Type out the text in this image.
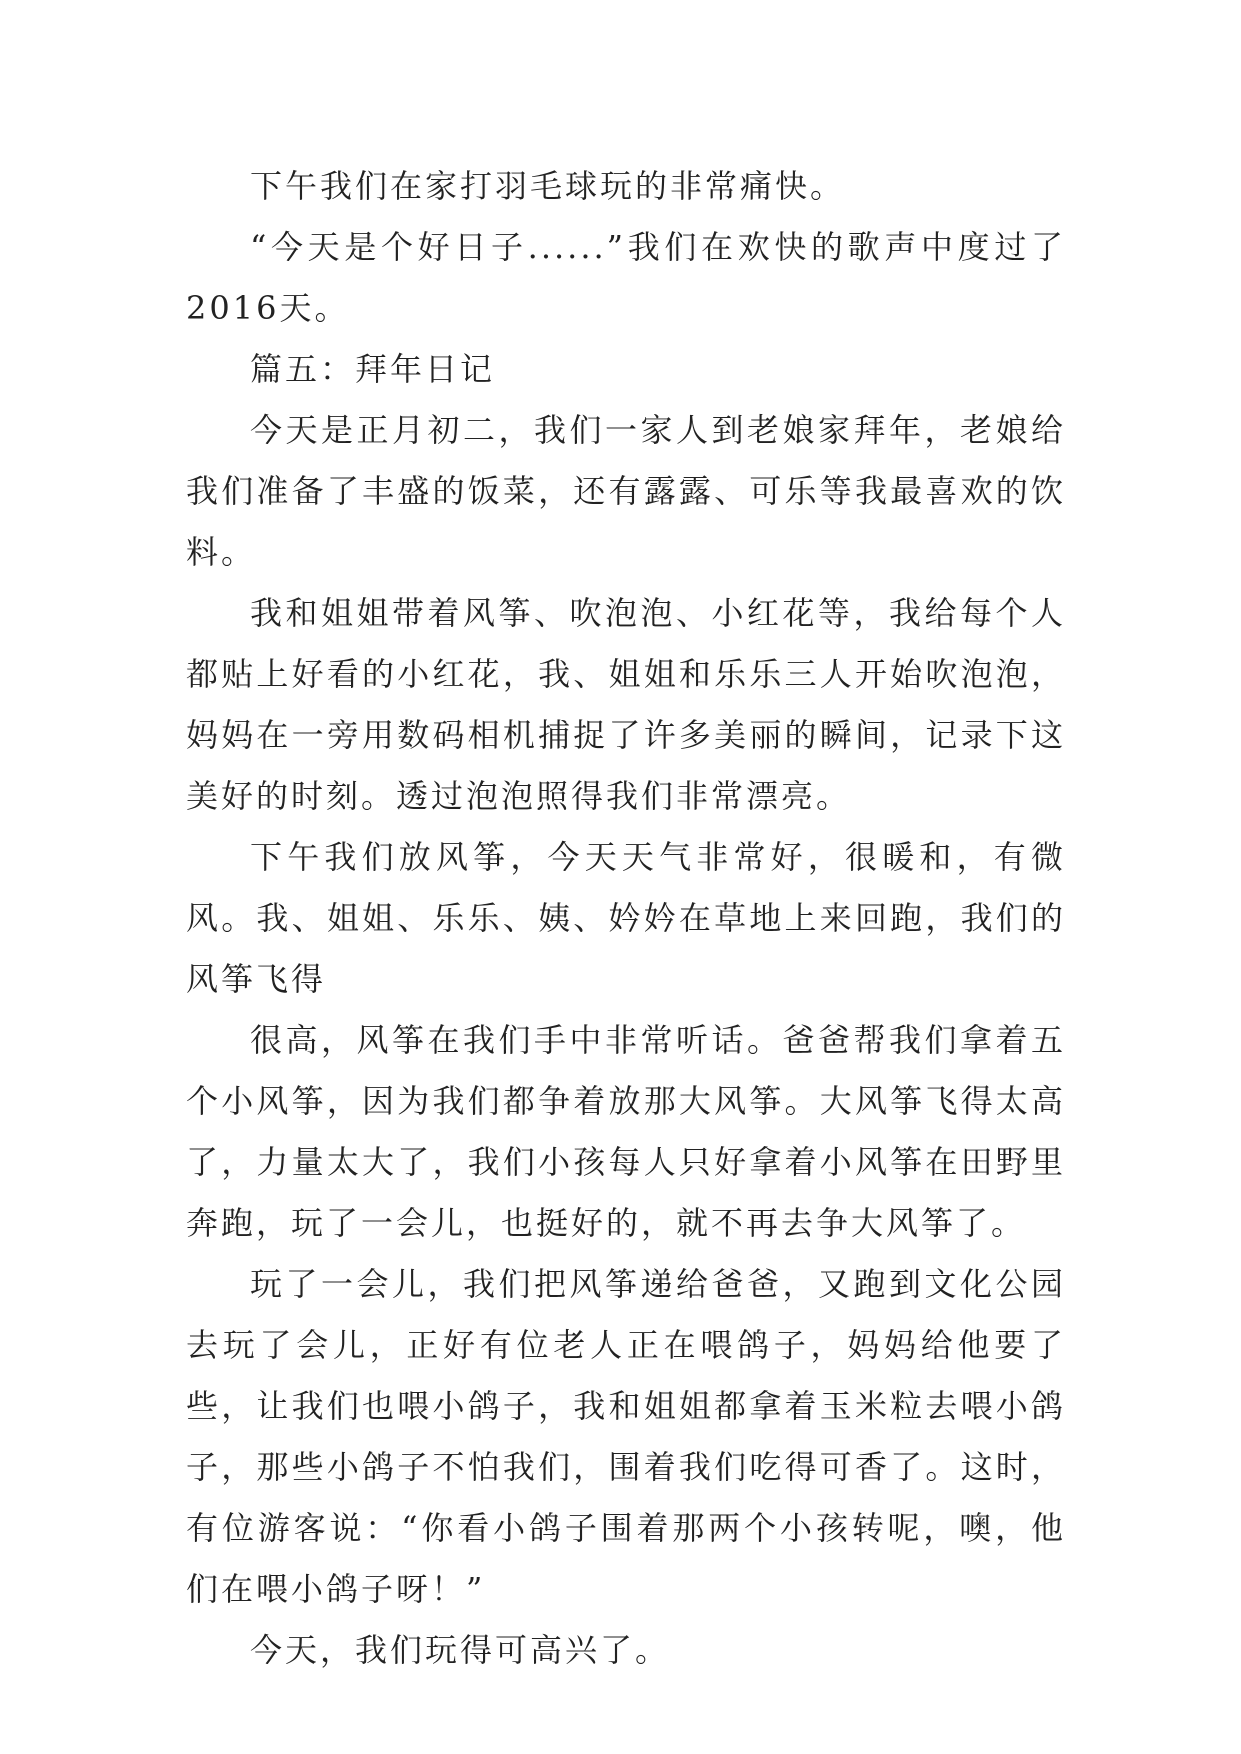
下午我们在家打羽毛球玩的非常痛快。

“今天是个好日子......”我们在欢快的歌声中度过了2016天。

篇五：拜年日记

今天是正月初二，我们一家人到老娘家拜年，老娘给我们准备了丰盛的饭菜，还有露露、可乐等我最喜欢的饮料。

我和姐姐带着风筝、吹泡泡、小红花等，我给每个人都贴上好看的小红花，我、姐姐和乐乐三人开始吹泡泡，妈妈在一旁用数码相机捕捉了许多美丽的瞬间，记录下这美好的时刻。透过泡泡照得我们非常漂亮。

下午我们放风筝，今天天气非常好，很暖和，有微风。我、姐姐、乐乐、姨、妗妗在草地上来回跑，我们的风筝飞得

很高，风筝在我们手中非常听话。爸爸帮我们拿着五个小风筝，因为我们都争着放那大风筝。大风筝飞得太高了，力量太大了，我们小孩每人只好拿着小风筝在田野里奔跑，玩了一会儿，也挺好的，就不再去争大风筝了。

玩了一会儿，我们把风筝递给爸爸，又跑到文化公园去玩了会儿，正好有位老人正在喂鸽子，妈妈给他要了些，让我们也喂小鸽子，我和姐姐都拿着玉米粒去喂小鸽子，那些小鸽子不怕我们，围着我们吃得可香了。这时，有位游客说：“你看小鸽子围着那两个小孩转呢，噢，他们在喂小鸽子呀！”

今天，我们玩得可高兴了。
